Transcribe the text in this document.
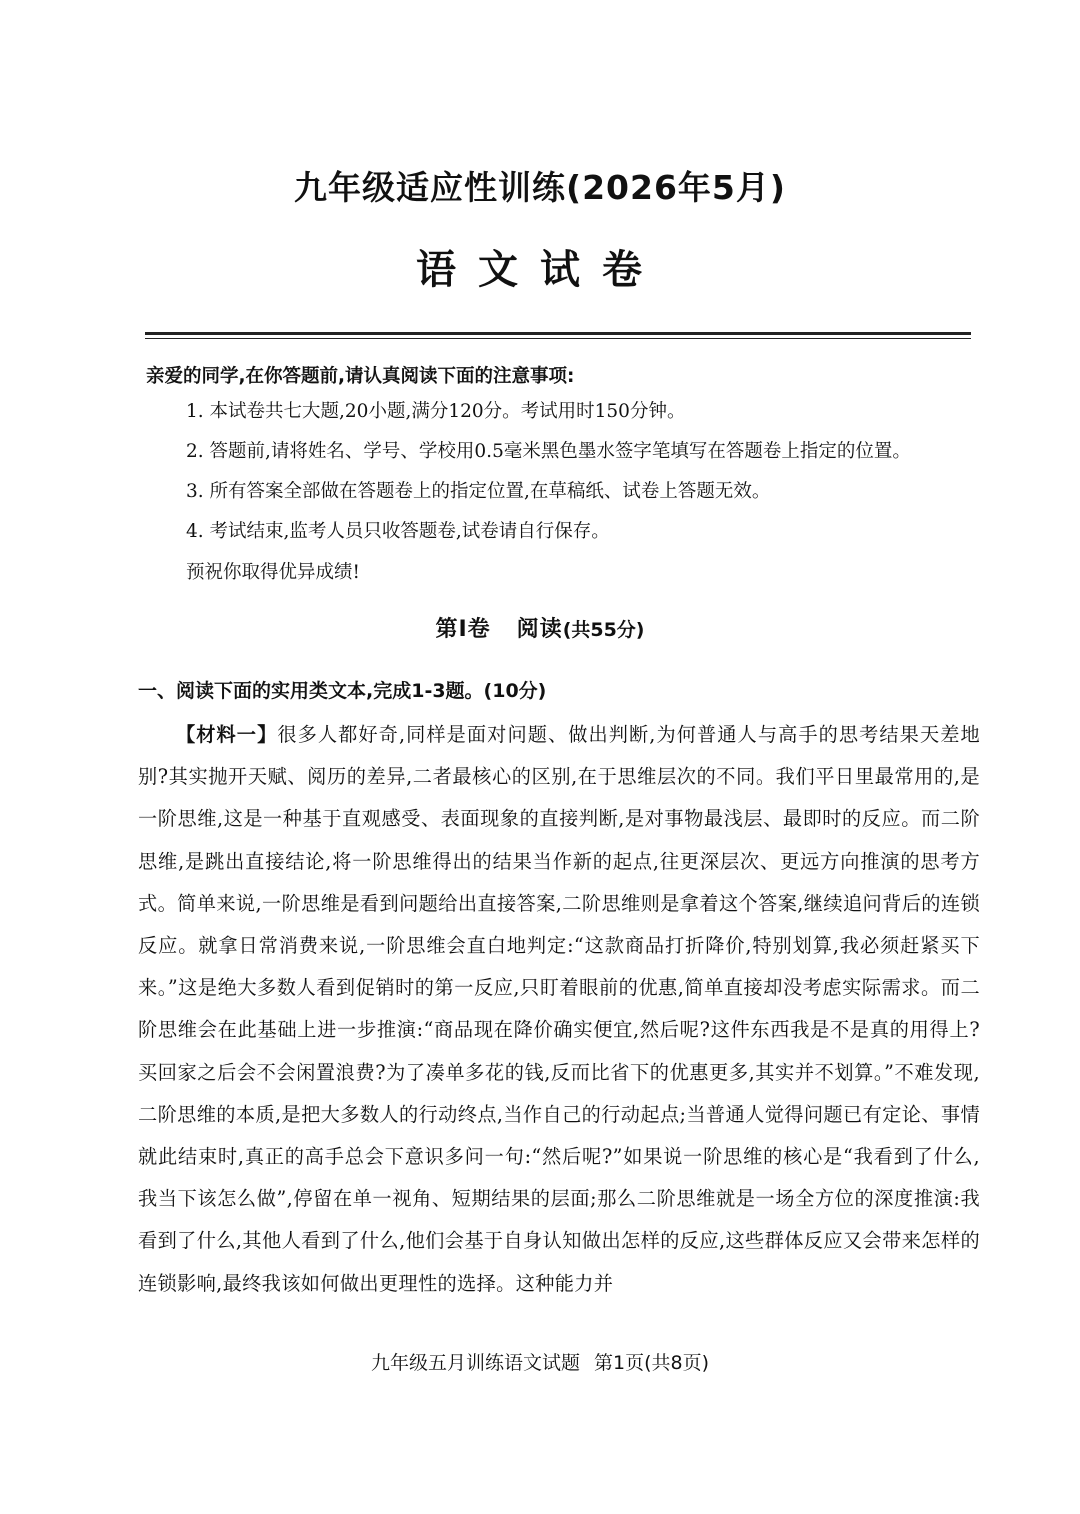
九年级适应性训练(2026年5月)
语文试卷
亲爱的同学,在你答题前,请认真阅读下面的注意事项:
1. 本试卷共七大题,20小题,满分120分。考试用时150分钟。
2. 答题前,请将姓名、学号、学校用0.5毫米黑色墨水签字笔填写在答题卷上指定的位置。
3. 所有答案全部做在答题卷上的指定位置,在草稿纸、试卷上答题无效。
4. 考试结束,监考人员只收答题卷,试卷请自行保存。
预祝你取得优异成绩!
第Ⅰ卷 阅读(共55分)
一、阅读下面的实用类文本,完成1-3题。(10分)

【材料一】很多人都好奇,同样是面对问题、做出判断,为何普通人与高手的思考结果天差地别?其实抛开天赋、阅历的差异,二者最核心的区别,在于思维层次的不同。我们平日里最常用的,是一阶思维,这是一种基于直观感受、表面现象的直接判断,是对事物最浅层、最即时的反应。而二阶思维,是跳出直接结论,将一阶思维得出的结果当作新的起点,往更深层次、更远方向推演的思考方式。简单来说,一阶思维是看到问题给出直接答案,二阶思维则是拿着这个答案,继续追问背后的连锁反应。就拿日常消费来说,一阶思维会直白地判定:“这款商品打折降价,特别划算,我必须赶紧买下来。”这是绝大多数人看到促销时的第一反应,只盯着眼前的优惠,简单直接却没考虑实际需求。而二阶思维会在此基础上进一步推演:“商品现在降价确实便宜,然后呢?这件东西我是不是真的用得上?买回家之后会不会闲置浪费?为了凑单多花的钱,反而比省下的优惠更多,其实并不划算。”不难发现,二阶思维的本质,是把大多数人的行动终点,当作自己的行动起点;当普通人觉得问题已有定论、事情就此结束时,真正的高手总会下意识多问一句:“然后呢?”如果说一阶思维的核心是“我看到了什么,我当下该怎么做”,停留在单一视角、短期结果的层面;那么二阶思维就是一场全方位的深度推演:我看到了什么,其他人看到了什么,他们会基于自身认知做出怎样的反应,这些群体反应又会带来怎样的连锁影响,最终我该如何做出更理性的选择。这种能力并

九年级五月训练语文试题 第1页(共8页)
